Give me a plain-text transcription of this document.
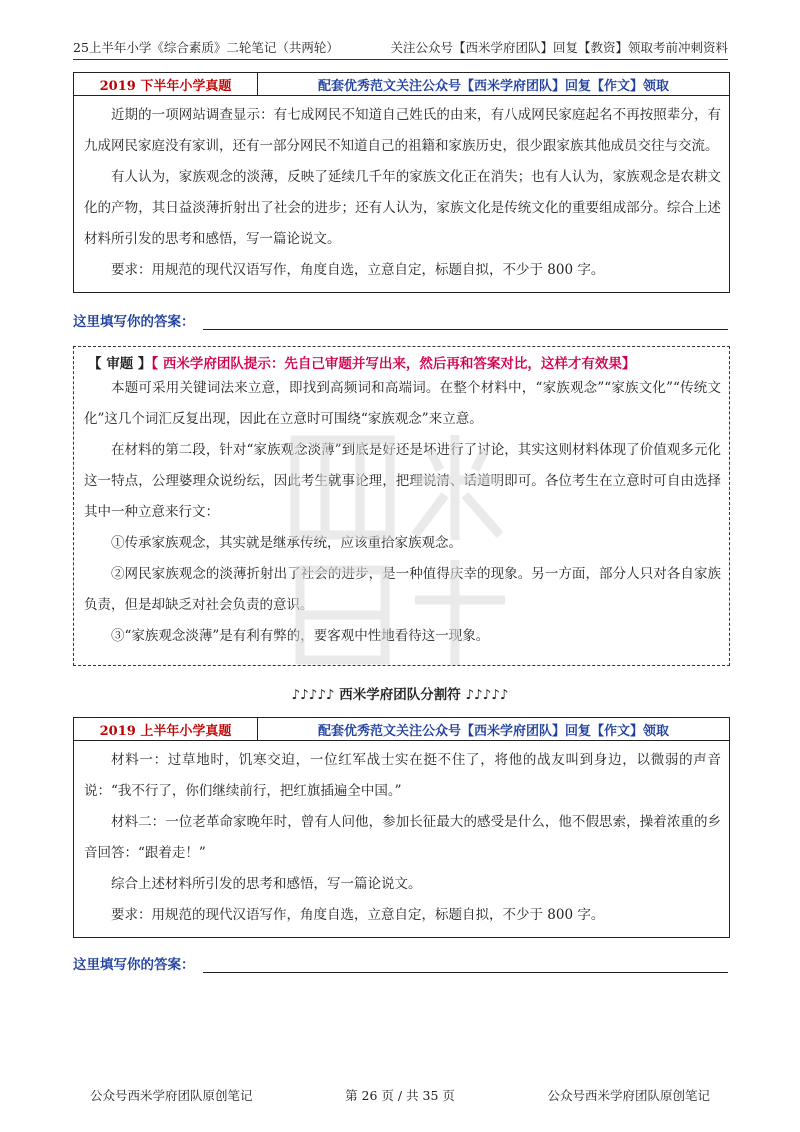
25上半年小学《综合素质》二轮笔记（共两轮）	关注公众号【西米学府团队】回复【教资】领取考前冲刺资料
2019 下半年小学真题	配套优秀范文关注公众号【西米学府团队】回复【作文】领取

近期的一项网站调查显示：有七成网民不知道自己姓氏的由来，有八成网民家庭起名不再按照辈分，有九成网民家庭没有家训，还有一部分网民不知道自己的祖籍和家族历史，很少跟家族其他成员交往与交流。

有人认为，家族观念的淡薄，反映了延续几千年的家族文化正在消失；也有人认为，家族观念是农耕文化的产物，其日益淡薄折射出了社会的进步；还有人认为，家族文化是传统文化的重要组成部分。综合上述材料所引发的思考和感悟，写一篇论说文。

要求：用规范的现代汉语写作，角度自选，立意自定，标题自拟，不少于 800 字。

这里填写你的答案：
【 审题 】【 西米学府团队提示：先自己审题并写出来，然后再和答案对比，这样才有效果】

本题可采用关键词法来立意，即找到高频词和高端词。在整个材料中，“家族观念”“家族文化”“传统文化”这几个词汇反复出现，因此在立意时可围绕“家族观念”来立意。

在材料的第二段，针对“家族观念淡薄”到底是好还是坏进行了讨论，其实这则材料体现了价值观多元化这一特点，公理婆理众说纷纭，因此考生就事论理，把理说清、话道明即可。各位考生在立意时可自由选择其中一种立意来行文：

①传承家族观念，其实就是继承传统，应该重拾家族观念。

②网民家族观念的淡薄折射出了社会的进步，是一种值得庆幸的现象。另一方面，部分人只对各自家族负责，但是却缺乏对社会负责的意识。

③“家族观念淡薄”是有利有弊的，要客观中性地看待这一现象。

♪♪♪♪♪ 西米学府团队分割符 ♪♪♪♪♪
2019 上半年小学真题	配套优秀范文关注公众号【西米学府团队】回复【作文】领取

材料一：过草地时，饥寒交迫，一位红军战士实在挺不住了，将他的战友叫到身边，以微弱的声音说：“我不行了，你们继续前行，把红旗插遍全中国。”

材料二：一位老革命家晚年时，曾有人问他，参加长征最大的感受是什么，他不假思索，操着浓重的乡音回答：“跟着走！”

综合上述材料所引发的思考和感悟，写一篇论说文。

要求：用规范的现代汉语写作，角度自选，立意自定，标题自拟，不少于 800 字。

这里填写你的答案：
公众号西米学府团队原创笔记	第 26 页 / 共 35 页	公众号西米学府团队原创笔记
